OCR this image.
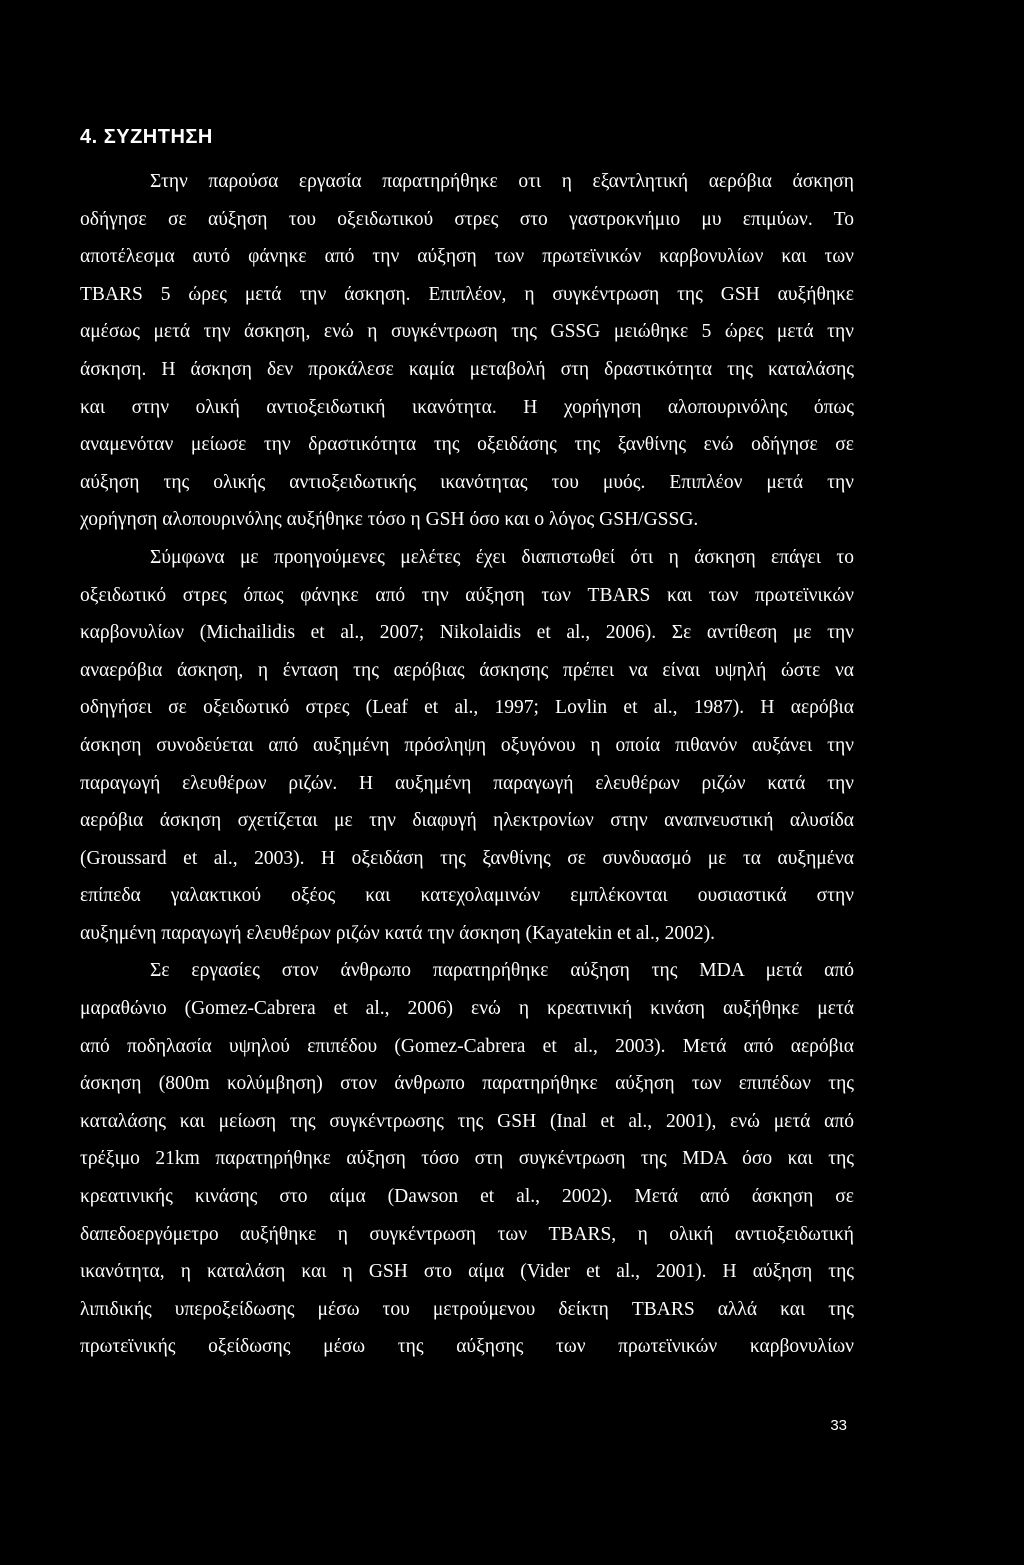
4. ΣΥΖΗΤΗΣΗ
Στην παρούσα εργασία παρατηρήθηκε οτι η εξαντλητική αερόβια άσκηση
οδήγησε σε αύξηση του οξειδωτικού στρες στο γαστροκνήμιο μυ επιμύων. Το
αποτέλεσμα αυτό φάνηκε από την αύξηση των πρωτεϊνικών καρβονυλίων και των
TBARS 5 ώρες μετά την άσκηση. Επιπλέον, η συγκέντρωση της GSH αυξήθηκε
αμέσως μετά την άσκηση, ενώ η συγκέντρωση της GSSG μειώθηκε 5 ώρες μετά την
άσκηση. Η άσκηση δεν προκάλεσε καμία μεταβολή στη δραστικότητα της καταλάσης
και στην ολική αντιοξειδωτική ικανότητα. Η χορήγηση αλοπουρινόλης όπως
αναμενόταν μείωσε την δραστικότητα της οξειδάσης της ξανθίνης ενώ οδήγησε σε
αύξηση της ολικής αντιοξειδωτικής ικανότητας του μυός. Επιπλέον μετά την
χορήγηση αλοπουρινόλης αυξήθηκε τόσο η GSH όσο και ο λόγος GSH/GSSG.
Σύμφωνα με προηγούμενες μελέτες έχει διαπιστωθεί ότι η άσκηση επάγει το
οξειδωτικό στρες όπως φάνηκε από την αύξηση των TBARS και των πρωτεϊνικών
καρβονυλίων (Michailidis et al., 2007; Nikolaidis et al., 2006). Σε αντίθεση με την
αναερόβια άσκηση, η ένταση της αερόβιας άσκησης πρέπει να είναι υψηλή ώστε να
οδηγήσει σε οξειδωτικό στρες (Leaf et al., 1997; Lovlin et al., 1987). Η αερόβια
άσκηση συνοδεύεται από αυξημένη πρόσληψη οξυγόνου η οποία πιθανόν αυξάνει την
παραγωγή ελευθέρων ριζών. Η αυξημένη παραγωγή ελευθέρων ριζών κατά την
αερόβια άσκηση σχετίζεται με την διαφυγή ηλεκτρονίων στην αναπνευστική αλυσίδα
(Groussard et al., 2003). Η οξειδάση της ξανθίνης σε συνδυασμό με τα αυξημένα
επίπεδα γαλακτικού οξέος και κατεχολαμινών εμπλέκονται ουσιαστικά στην
αυξημένη παραγωγή ελευθέρων ριζών κατά την άσκηση (Kayatekin et al., 2002).
Σε εργασίες στον άνθρωπο παρατηρήθηκε αύξηση της MDA μετά από
μαραθώνιο (Gomez-Cabrera et al., 2006) ενώ η κρεατινική κινάση αυξήθηκε μετά
από ποδηλασία υψηλού επιπέδου (Gomez-Cabrera et al., 2003). Μετά από αερόβια
άσκηση (800m κολύμβηση) στον άνθρωπο παρατηρήθηκε αύξηση των επιπέδων της
καταλάσης και μείωση της συγκέντρωσης της GSH (Inal et al., 2001), ενώ μετά από
τρέξιμο 21km παρατηρήθηκε αύξηση τόσο στη συγκέντρωση της MDA όσο και της
κρεατινικής κινάσης στο αίμα (Dawson et al., 2002). Μετά από άσκηση σε
δαπεδοεργόμετρο αυξήθηκε η συγκέντρωση των TBARS, η ολική αντιοξειδωτική
ικανότητα, η καταλάση και η GSH στο αίμα (Vider et al., 2001). Η αύξηση της
λιπιδικής υπεροξείδωσης μέσω του μετρούμενου δείκτη TBARS αλλά και της
πρωτεϊνικής οξείδωσης μέσω της αύξησης των πρωτεϊνικών καρβονυλίων
33
